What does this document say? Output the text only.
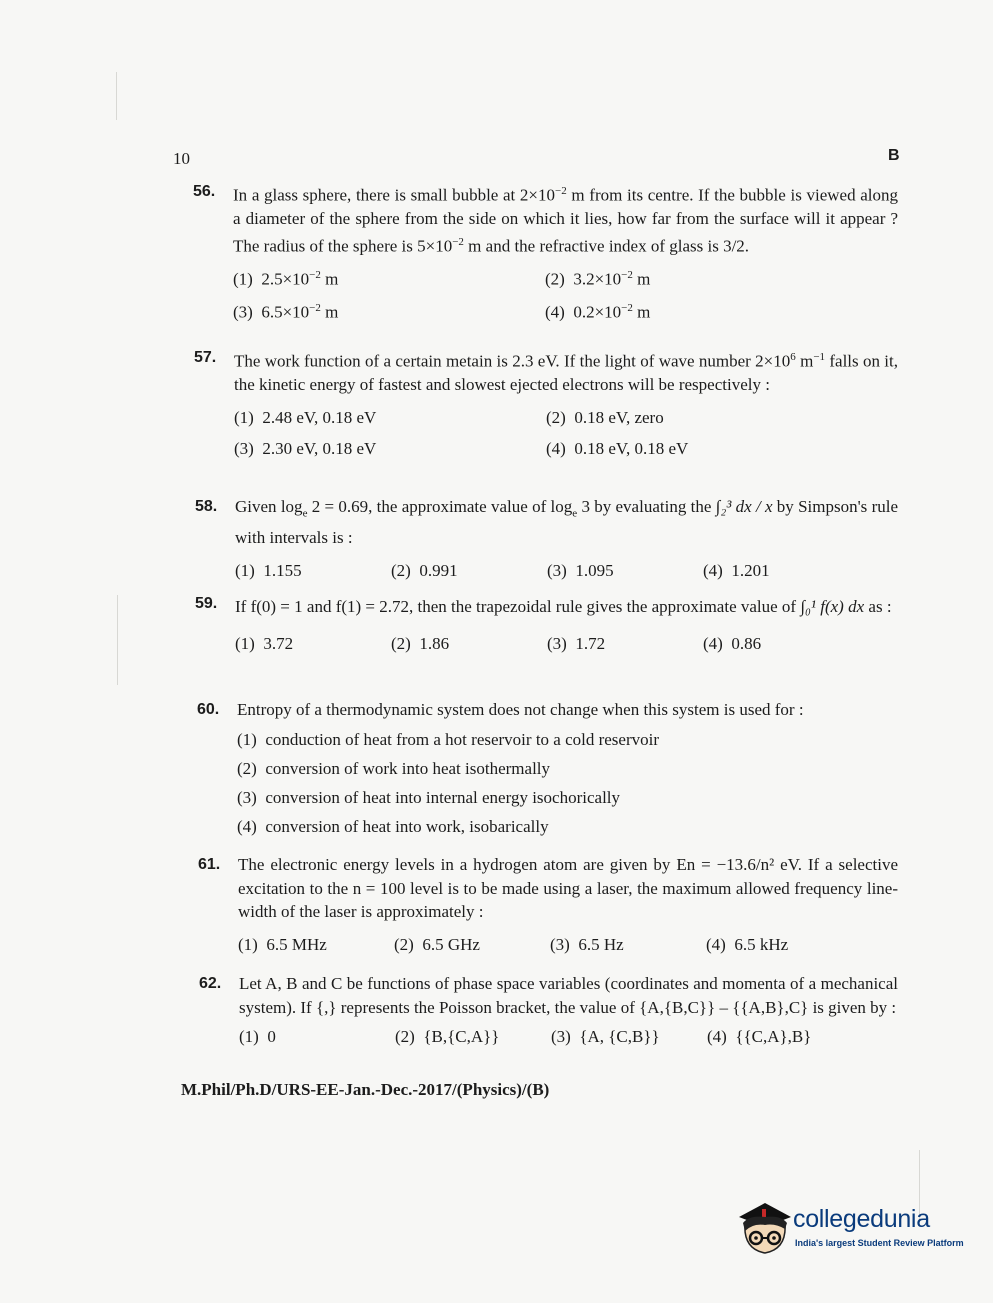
10	B
56. In a glass sphere, there is small bubble at $2\times 10^{-2}$ m from its centre. If the bubble is viewed along a diameter of the sphere from the side on which it lies, how far from the surface will it appear ? The radius of the sphere is $5\times 10^{-2}$ m and the refractive index of glass is 3/2.
(1) $2.5\times 10^{-2}$ m	(2) $3.2\times 10^{-2}$ m
(3) $6.5\times 10^{-2}$ m	(4) $0.2\times 10^{-2}$ m
57. The work function of a certain metain is 2.3 eV. If the light of wave number $2\times 10^6$ $m^{-1}$ falls on it, the kinetic energy of fastest and slowest ejected electrons will be respectively :
(1) 2.48 eV, 0.18 eV	(2) 0.18 eV, zero
(3) 2.30 eV, 0.18 eV	(4) 0.18 eV, 0.18 eV
58. Given $\log_e 2 = 0.69$, the approximate value of $\log_e 3$ by evaluating the ∫₂³ dx / x by Simpson's rule with intervals is :
(1) 1.155	(2) 0.991	(3) 1.095	(4) 1.201
59. If f(0) = 1 and f(1) = 2.72, then the trapezoidal rule gives the approximate value of ∫₀¹ f(x) dx as :
(1) 3.72	(2) 1.86	(3) 1.72	(4) 0.86
60. Entropy of a thermodynamic system does not change when this system is used for :
(1) conduction of heat from a hot reservoir to a cold reservoir
(2) conversion of work into heat isothermally
(3) conversion of heat into internal energy isochorically
(4) conversion of heat into work, isobarically
61. The electronic energy levels in a hydrogen atom are given by En = −13.6/n² eV. If a selective excitation to the n = 100 level is to be made using a laser, the maximum allowed frequency line-width of the laser is approximately :
(1) 6.5 MHz	(2) 6.5 GHz	(3) 6.5 Hz	(4) 6.5 kHz
62. Let A, B and C be functions of phase space variables (coordinates and momenta of a mechanical system). If {,} represents the Poisson bracket, the value of {A,{B,C}} – {{A,B},C} is given by :
(1) 0	(2) {B,{C,A}}	(3) {A, {C,B}}	(4) {{C,A},B}
M.Phil/Ph.D/URS-EE-Jan.-Dec.-2017/(Physics)/(B)
collegedunia
India's largest Student Review Platform
